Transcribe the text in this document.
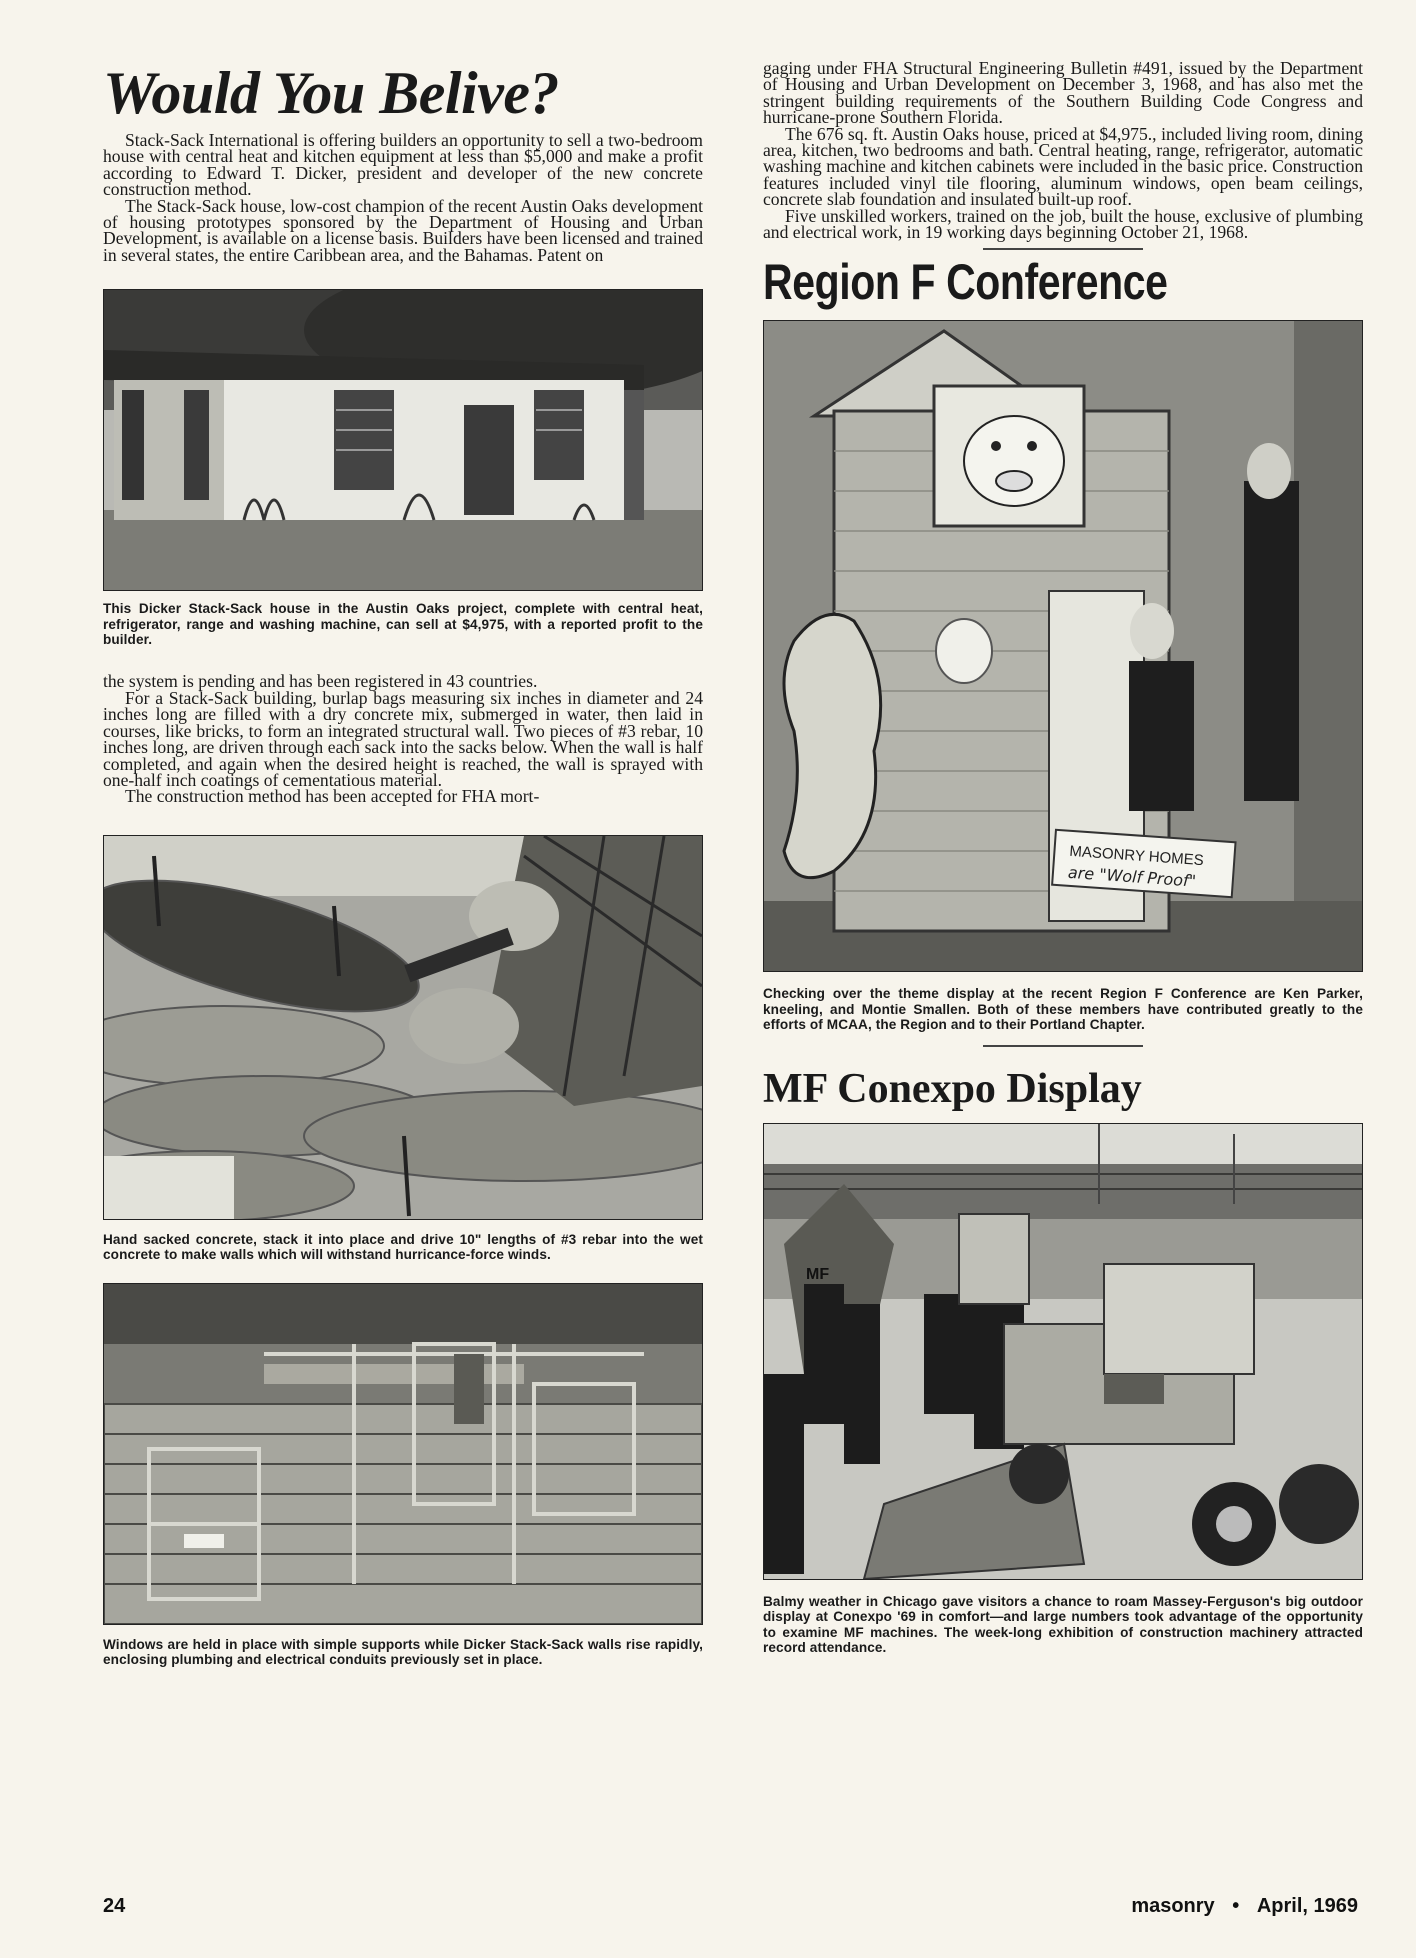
Would You Belive?

Stack-Sack International is offering builders an opportunity to sell a two-bedroom house with central heat and kitchen equipment at less than $5,000 and make a profit according to Edward T. Dicker, president and developer of the new concrete construction method.

The Stack-Sack house, low-cost champion of the recent Austin Oaks development of housing prototypes sponsored by the Department of Housing and Urban Development, is available on a license basis. Builders have been licensed and trained in several states, the entire Caribbean area, and the Bahamas. Patent on

This Dicker Stack-Sack house in the Austin Oaks project, complete with central heat, refrigerator, range and washing machine, can sell at $4,975, with a reported profit to the builder.

the system is pending and has been registered in 43 countries.

For a Stack-Sack building, burlap bags measuring six inches in diameter and 24 inches long are filled with a dry concrete mix, submerged in water, then laid in courses, like bricks, to form an integrated structural wall. Two pieces of #3 rebar, 10 inches long, are driven through each sack into the sacks below. When the wall is half completed, and again when the desired height is reached, the wall is sprayed with one-half inch coatings of cementatious material.

The construction method has been accepted for FHA mort-

Hand sacked concrete, stack it into place and drive 10" lengths of #3 rebar into the wet concrete to make walls which will withstand hurricance-force winds.

Windows are held in place with simple supports while Dicker Stack-Sack walls rise rapidly, enclosing plumbing and electrical conduits previously set in place.

gaging under FHA Structural Engineering Bulletin #491, issued by the Department of Housing and Urban Development on December 3, 1968, and has also met the stringent building requirements of the Southern Building Code Congress and hurricane-prone Southern Florida.

The 676 sq. ft. Austin Oaks house, priced at $4,975., included living room, dining area, kitchen, two bedrooms and bath. Central heating, range, refrigerator, automatic washing machine and kitchen cabinets were included in the basic price. Construction features included vinyl tile flooring, aluminum windows, open beam ceilings, concrete slab foundation and insulated built-up roof.

Five unskilled workers, trained on the job, built the house, exclusive of plumbing and electrical work, in 19 working days beginning October 21, 1968.

Region F Conference
MASONRY HOMES
are "Wolf Proof"

Checking over the theme display at the recent Region F Conference are Ken Parker, kneeling, and Montie Smallen. Both of these members have contributed greatly to the efforts of MCAA, the Region and to their Portland Chapter.

MF Conexpo Display
MF

Balmy weather in Chicago gave visitors a chance to roam Massey-Ferguson's big outdoor display at Conexpo '69 in comfort—and large numbers took advantage of the opportunity to examine MF machines. The week-long exhibition of construction machinery attracted record attendance.

24	masonry • April, 1969
